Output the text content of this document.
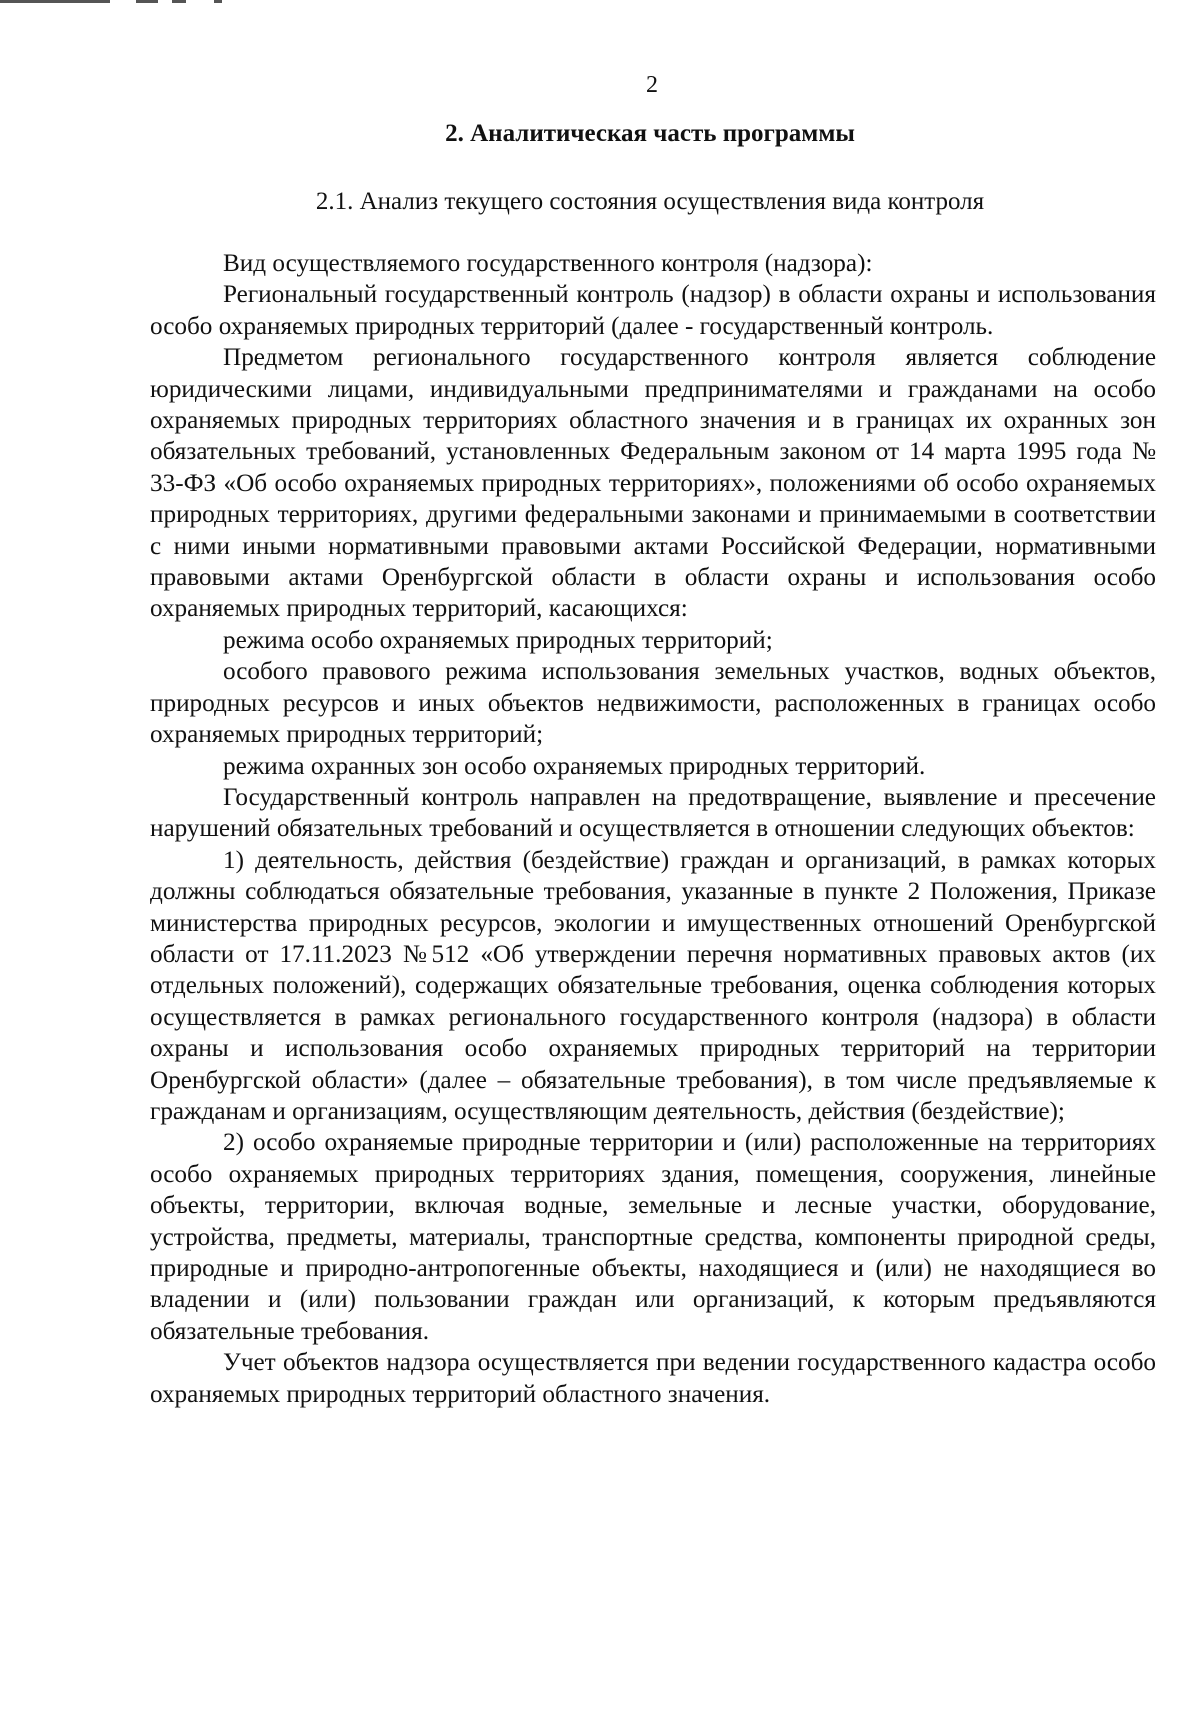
2
2. Аналитическая часть программы
2.1. Анализ текущего состояния осуществления вида контроля

Вид осуществляемого государственного контроля (надзора):

Региональный государственный контроль (надзор) в области охраны и использования особо охраняемых природных территорий (далее - государственный контроль.

Предметом регионального государственного контроля является соблюдение юридическими лицами, индивидуальными предпринимателями и гражданами на особо охраняемых природных территориях областного значения и в границах их охранных зон обязательных требований, установленных Федеральным законом от 14 марта 1995 года № 33-ФЗ «Об особо охраняемых природных территориях», положениями об особо охраняемых природных территориях, другими федеральными законами и принимаемыми в соответствии с ними иными нормативными правовыми актами Российской Федерации, нормативными правовыми актами Оренбургской области в области охраны и использования особо охраняемых природных территорий, касающихся:

режима особо охраняемых природных территорий;

особого правового режима использования земельных участков, водных объектов, природных ресурсов и иных объектов недвижимости, расположенных в границах особо охраняемых природных территорий;

режима охранных зон особо охраняемых природных территорий.

Государственный контроль направлен на предотвращение, выявление и пресечение нарушений обязательных требований и осуществляется в отношении следующих объектов:

1) деятельность, действия (бездействие) граждан и организаций, в рамках которых должны соблюдаться обязательные требования, указанные в пункте 2 Положения, Приказе министерства природных ресурсов, экологии и имущественных отношений Оренбургской области от 17.11.2023 №512 «Об утверждении перечня нормативных правовых актов (их отдельных положений), содержащих обязательные требования, оценка соблюдения которых осуществляется в рамках регионального государственного контроля (надзора) в области охраны и использования особо охраняемых природных территорий на территории Оренбургской области» (далее – обязательные требования), в том числе предъявляемые к гражданам и организациям, осуществляющим деятельность, действия (бездействие);

2) особо охраняемые природные территории и (или) расположенные на территориях особо охраняемых природных территориях здания, помещения, сооружения, линейные объекты, территории, включая водные, земельные и лесные участки, оборудование, устройства, предметы, материалы, транспортные средства, компоненты природной среды, природные и природно-антропогенные объекты, находящиеся и (или) не находящиеся во владении и (или) пользовании граждан или организаций, к которым предъявляются обязательные требования.

Учет объектов надзора осуществляется при ведении государственного кадастра особо охраняемых природных территорий областного значения.
